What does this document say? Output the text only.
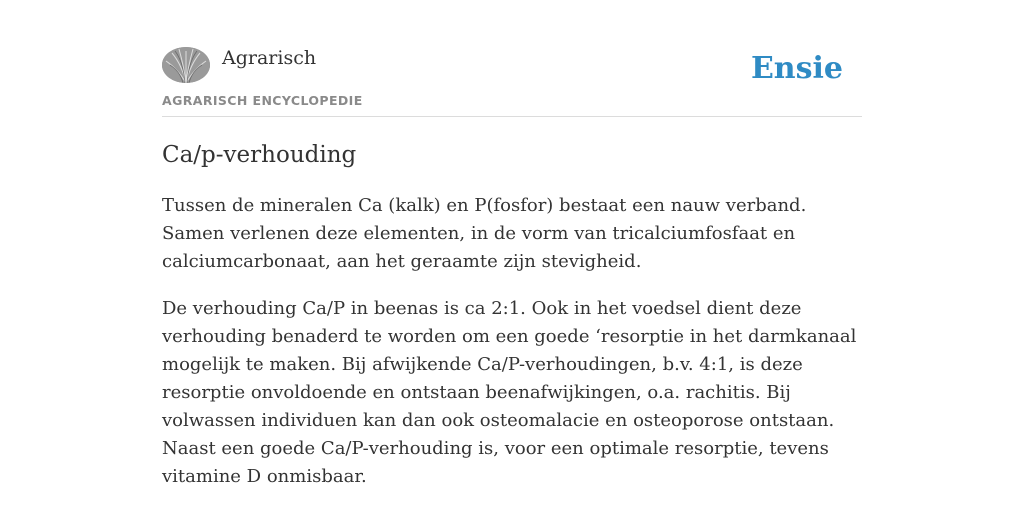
Agrarisch
AGRARISCH ENCYCLOPEDIE
Ensie
Ca/p-verhouding

Tussen de mineralen Ca (kalk) en P(fosfor) bestaat een nauw verband. Samen verlenen deze elementen, in de vorm van tricalciumfosfaat en calciumcarbonaat, aan het geraamte zijn stevigheid.

De verhouding Ca/P in beenas is ca 2:1. Ook in het voedsel dient deze verhouding benaderd te worden om een goede ‘resorptie in het darmkanaal mogelijk te maken. Bij afwijkende Ca/P-verhoudingen, b.v. 4:1, is deze resorptie onvoldoende en ontstaan beenafwijkingen, o.a. rachitis. Bij volwassen individuen kan dan ook osteomalacie en osteoporose ontstaan. Naast een goede Ca/P-verhouding is, voor een optimale resorptie, tevens vitamine D onmisbaar.
